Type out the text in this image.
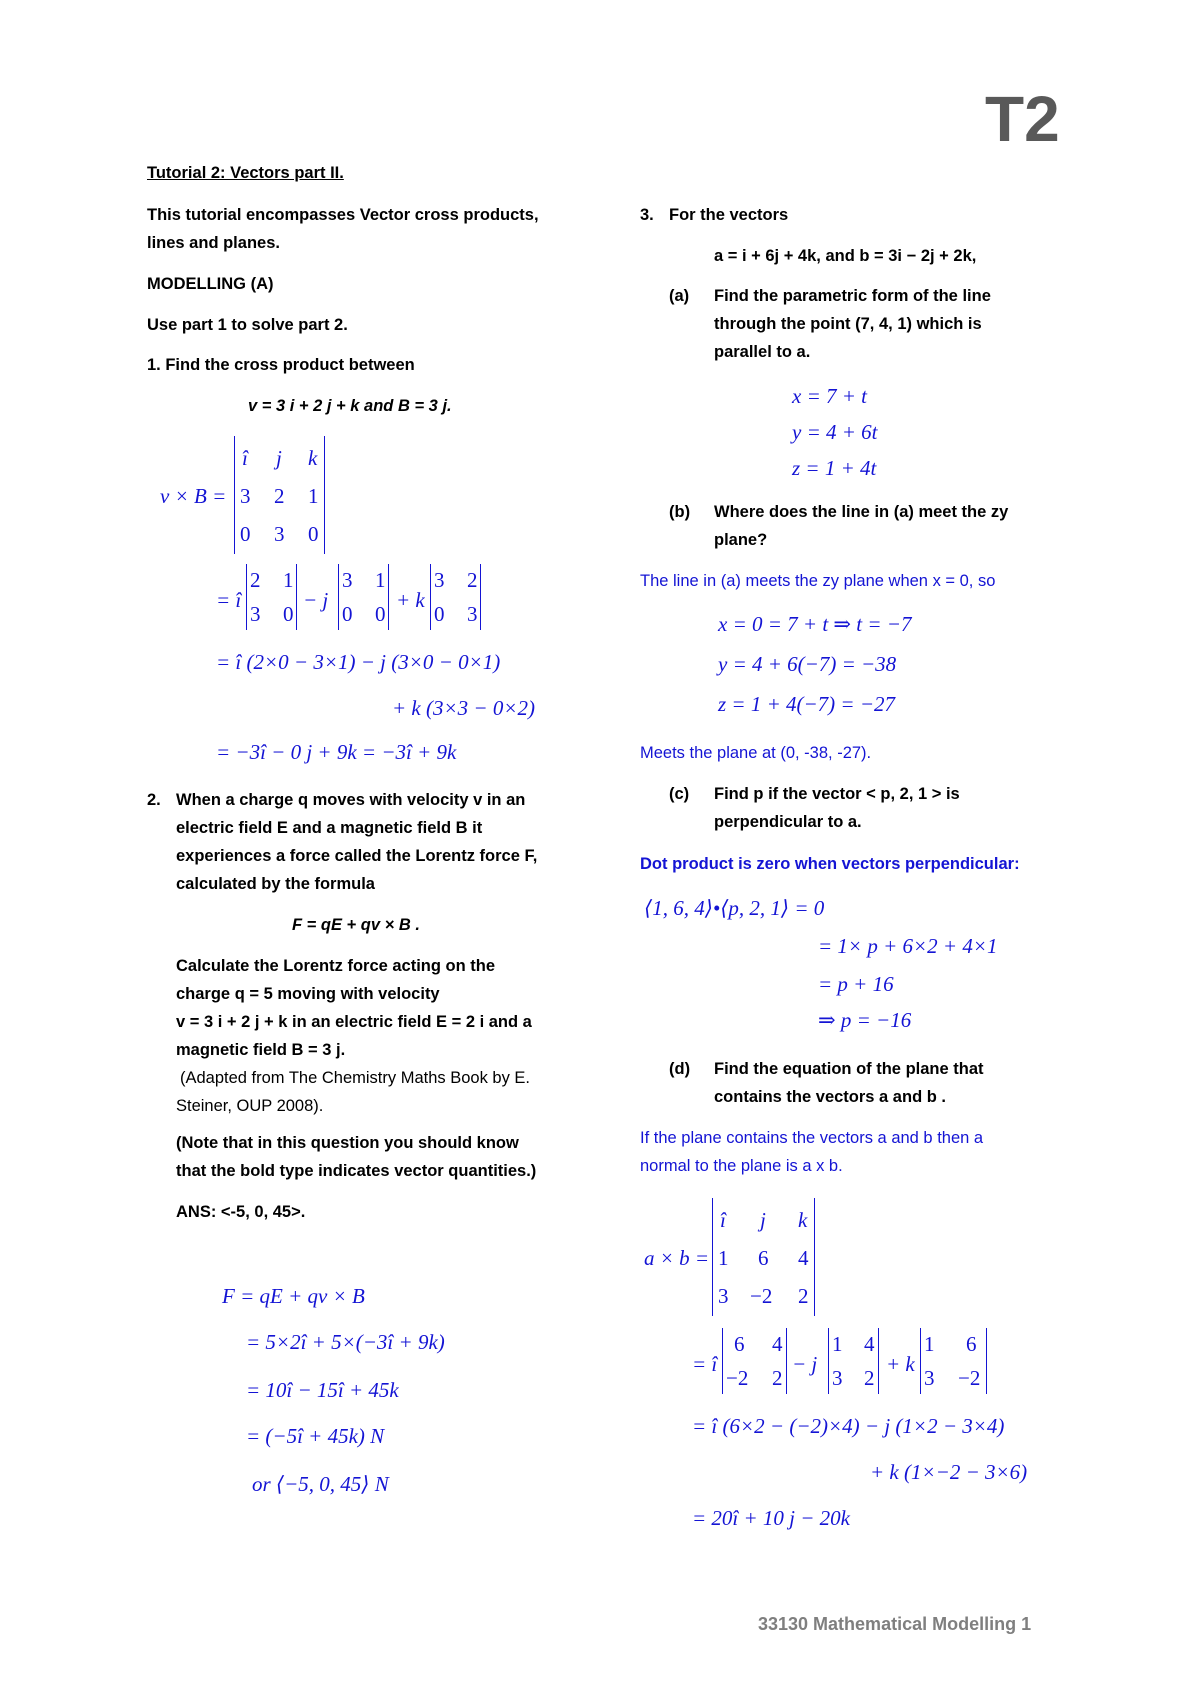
T2
33130 Mathematical Modelling 1
Tutorial 2: Vectors part II.
This tutorial encompasses Vector cross products,
lines and planes.
MODELLING (A)
Use part 1 to solve part 2.
1. Find the cross product between
v = 3 i + 2 j + k and B = 3 j.
v × B =
î j k
3 2 1
0 3 0
= î
2 1
3 0
− j
3 1
0 0
+ k
3 2
0 3
= î (2×0 − 3×1) − j (3×0 − 0×1)
+ k (3×3 − 0×2)
= −3î − 0 j + 9k = −3î + 9k
2. When a charge q moves with velocity v in an
electric field E and a magnetic field B it
experiences a force called the Lorentz force F,
calculated by the formula
F = qE + qv × B .
Calculate the Lorentz force acting on the
charge q = 5 moving with velocity
v = 3 i + 2 j + k in an electric field E = 2 i and a
magnetic field B = 3 j.
(Adapted from The Chemistry Maths Book by E.
Steiner, OUP 2008).
(Note that in this question you should know
that the bold type indicates vector quantities.)
ANS: <-5, 0, 45>.
F = qE + qv × B
= 5×2î + 5×(−3î + 9k)
= 10î − 15î + 45k
= (−5î + 45k) N
or ⟨−5, 0, 45⟩ N
3. For the vectors
a = i + 6j + 4k, and b = 3i − 2j + 2k,
(a) Find the parametric form of the line
through the point (7, 4, 1) which is
parallel to a.
x = 7 + t
y = 4 + 6t
z = 1 + 4t
(b) Where does the line in (a) meet the zy
plane?
The line in (a) meets the zy plane when x = 0, so
x = 0 = 7 + t ⇒ t = −7
y = 4 + 6(−7) = −38
z = 1 + 4(−7) = −27
Meets the plane at (0, -38, -27).
(c) Find p if the vector < p, 2, 1 > is
perpendicular to a.
Dot product is zero when vectors perpendicular:
⟨1, 6, 4⟩•⟨p, 2, 1⟩ = 0
= 1× p + 6×2 + 4×1
= p + 16
⇒ p = −16
(d) Find the equation of the plane that
contains the vectors a and b .
If the plane contains the vectors a and b then a
normal to the plane is a x b.
a × b =
î j k
1 6 4
3 −2 2
= î
6 4
−2 2
− j
1 4
3 2
+ k
1 6
3 −2
= î (6×2 − (−2)×4) − j (1×2 − 3×4)
+ k (1×−2 − 3×6)
= 20î + 10 j − 20k
